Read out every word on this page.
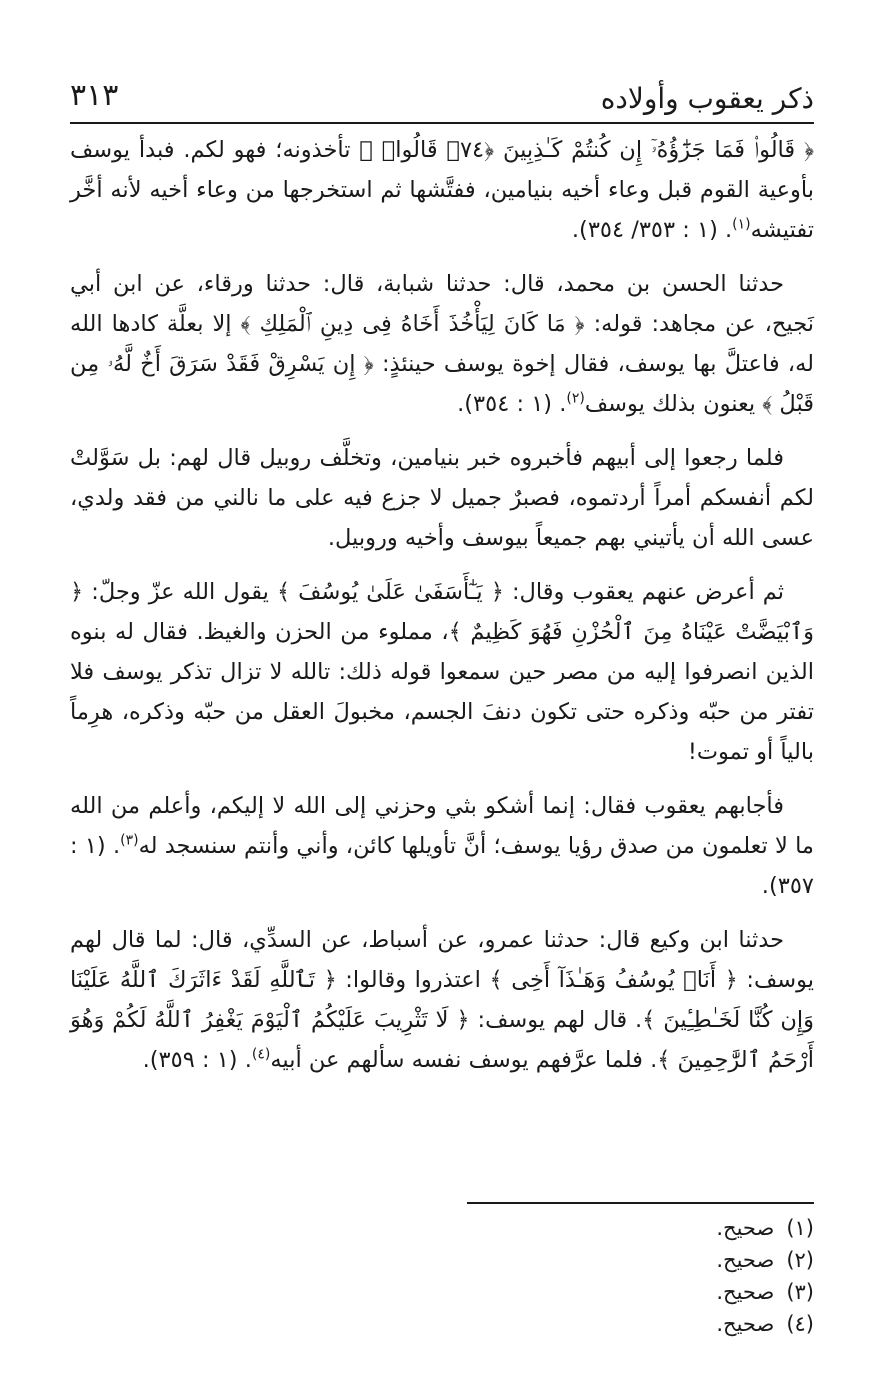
ذكر يعقوب وأولاده
٣١٣

﴿ قَالُوا۟ فَمَا جَزَٰٓؤُهُۥٓ إِن كُنتُمْ كَـٰذِبِينَ ﴿٧٤﴾ قَالُوا۟ ﴾ تأخذونه؛ فهو لكم. فبدأ يوسف بأوعية القوم قبل وعاء أخيه بنيامين، ففتَّشها ثم استخرجها من وعاء أخيه لأنه أخَّر تفتيشه$^{(١)}$. (١ : ٣٥٣/ ٣٥٤).

حدثنا الحسن بن محمد، قال: حدثنا شبابة، قال: حدثنا ورقاء، عن ابن أبي نَجيح، عن مجاهد: قوله: ﴿ مَا كَانَ لِيَأْخُذَ أَخَاهُ فِى دِينِ ٱلْمَلِكِ ﴾ إلا بعلَّة كادها الله له، فاعتلَّ بها يوسف، فقال إخوة يوسف حينئذٍ: ﴿ إِن يَسْرِقْ فَقَدْ سَرَقَ أَخٌ لَّهُۥ مِن قَبْلُ ﴾ يعنون بذلك يوسف$^{(٢)}$. (١ : ٣٥٤).

فلما رجعوا إلى أبيهم فأخبروه خبر بنيامين، وتخلَّف روبيل قال لهم: بل سَوَّلتْ لكم أنفسكم أمراً أردتموه، فصبرٌ جميل لا جزع فيه على ما نالني من فقد ولدي، عسى الله أن يأتيني بهم جميعاً بيوسف وأخيه وروبيل.

ثم أعرض عنهم يعقوب وقال: ﴿ يَـٰٓأَسَفَىٰ عَلَىٰ يُوسُفَ ﴾ يقول الله عزّ وجلّ: ﴿ وَٱبْيَضَّتْ عَيْنَاهُ مِنَ ٱلْحُزْنِ فَهُوَ كَظِيمٌ ﴾، مملوء من الحزن والغيظ. فقال له بنوه الذين انصرفوا إليه من مصر حين سمعوا قوله ذلك: تالله لا تزال تذكر يوسف فلا تفتر من حبّه وذكره حتى تكون دنفَ الجسم، مخبولَ العقل من حبّه وذكره، هرِماً بالياً أو تموت!

فأجابهم يعقوب فقال: إنما أشكو بثي وحزني إلى الله لا إليكم، وأعلم من الله ما لا تعلمون من صدق رؤيا يوسف؛ أنَّ تأويلها كائن، وأني وأنتم سنسجد له$^{(٣)}$. (١ : ٣٥٧).

حدثنا ابن وكيع قال: حدثنا عمرو، عن أسباط، عن السدِّي، قال: لما قال لهم يوسف: ﴿ أَنَا۠ يُوسُفُ وَهَـٰذَآ أَخِى ﴾ اعتذروا وقالوا: ﴿ تَٱللَّهِ لَقَدْ ءَاثَرَكَ ٱللَّهُ عَلَيْنَا وَإِن كُنَّا لَخَـٰطِـِٔينَ ﴾. قال لهم يوسف: ﴿ لَا تَثْرِيبَ عَلَيْكُمُ ٱلْيَوْمَ يَغْفِرُ ٱللَّهُ لَكُمْ وَهُوَ أَرْحَمُ ٱلرَّٰحِمِينَ ﴾. فلما عرَّفهم يوسف نفسه سألهم عن أبيه$^{(٤)}$. (١ : ٣٥٩).

(١)صحيح.
(٢)صحيح.
(٣)صحيح.
(٤)صحيح.
